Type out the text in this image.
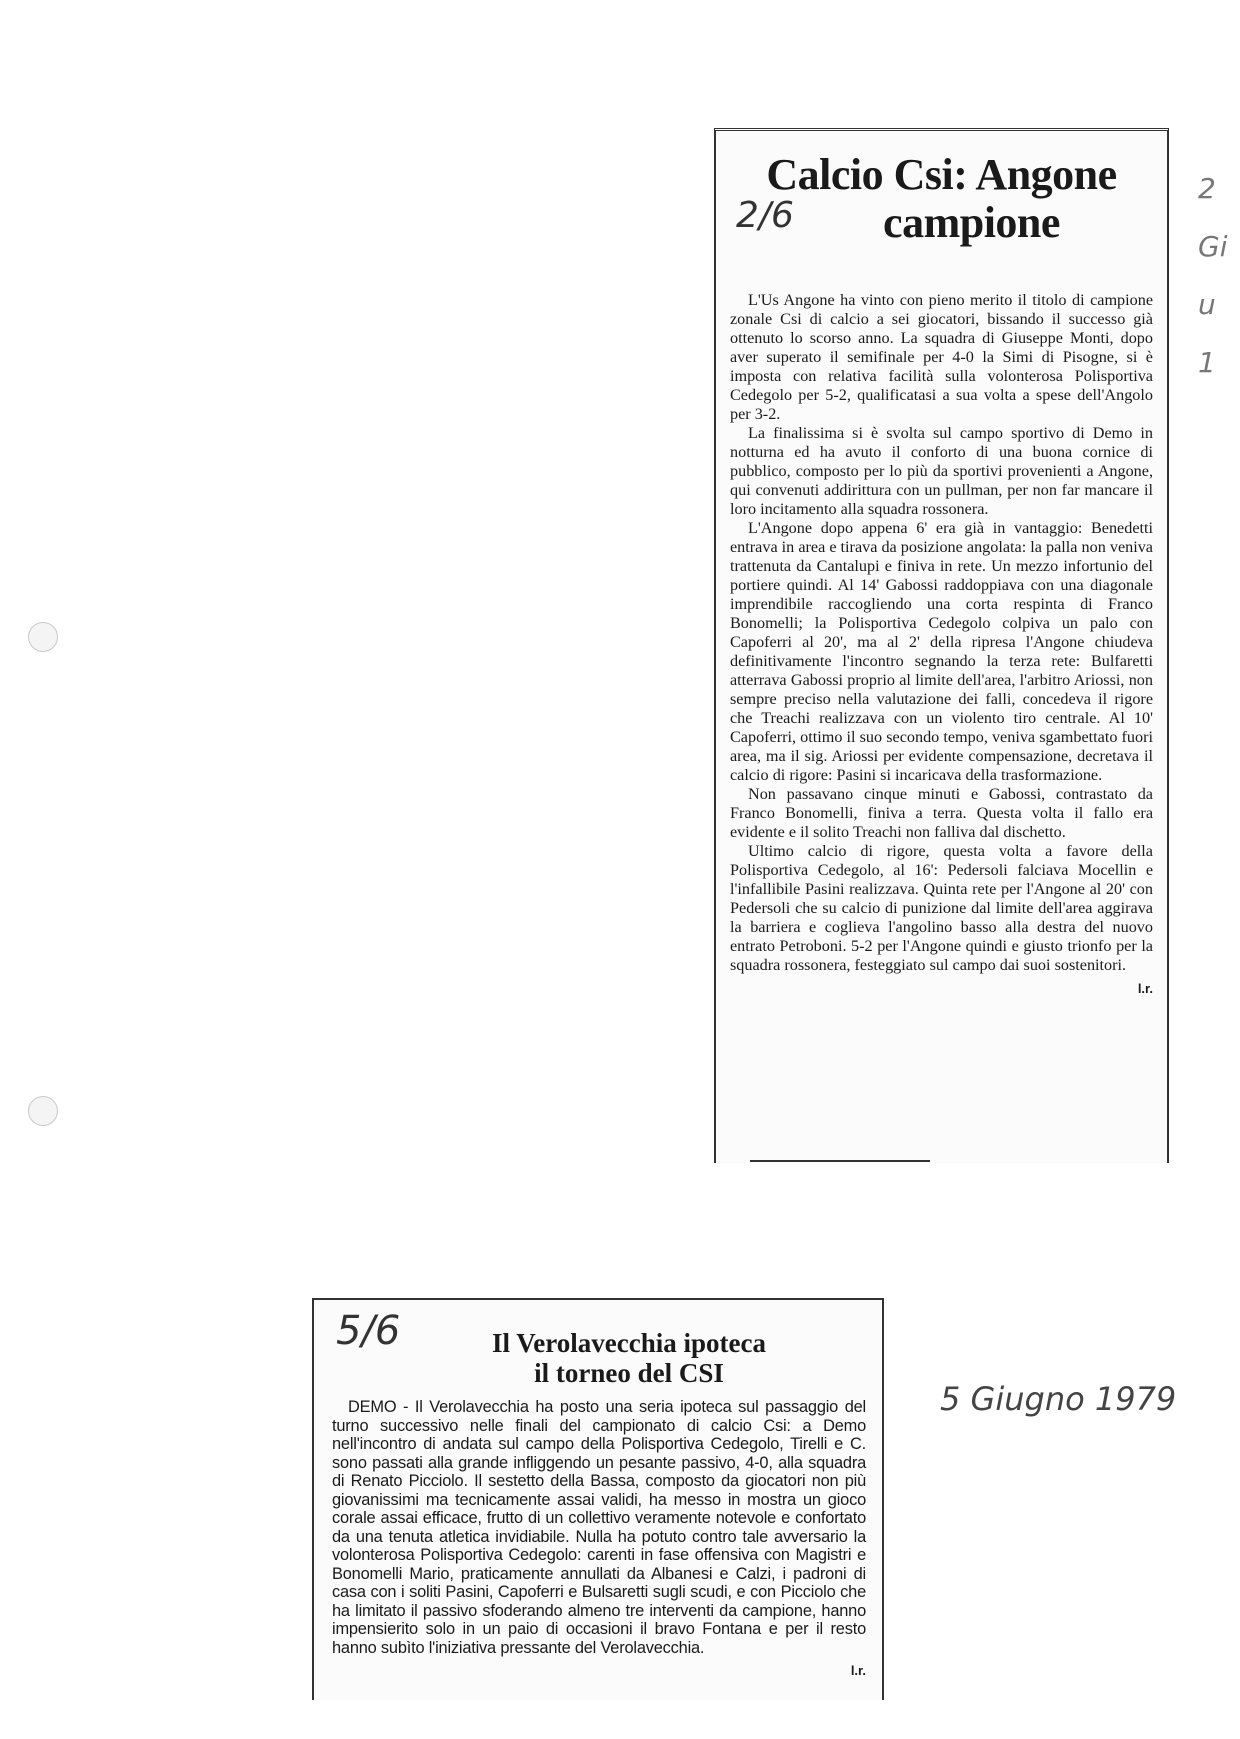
Calcio Csi: Angone
campione
2/6

L'Us Angone ha vinto con pieno merito il titolo di campione zonale Csi di calcio a sei giocatori, bissando il successo già ottenuto lo scorso anno. La squadra di Giuseppe Monti, dopo aver superato il semifinale per 4-0 la Simi di Pisogne, si è imposta con relativa facilità sulla volonterosa Polisportiva Cedegolo per 5-2, qualificatasi a sua volta a spese dell'Angolo per 3-2.

La finalissima si è svolta sul campo sportivo di Demo in notturna ed ha avuto il conforto di una buona cornice di pubblico, composto per lo più da sportivi provenienti a Angone, qui convenuti addirittura con un pullman, per non far mancare il loro incitamento alla squadra rossonera.

L'Angone dopo appena 6' era già in vantaggio: Benedetti entrava in area e tirava da posizione angolata: la palla non veniva trattenuta da Cantalupi e finiva in rete. Un mezzo infortunio del portiere quindi. Al 14' Gabossi raddoppiava con una diagonale imprendibile raccogliendo una corta respinta di Franco Bonomelli; la Polisportiva Cedegolo colpiva un palo con Capoferri al 20', ma al 2' della ripresa l'Angone chiudeva definitivamente l'incontro segnando la terza rete: Bulfaretti atterrava Gabossi proprio al limite dell'area, l'arbitro Ariossi, non sempre preciso nella valutazione dei falli, concedeva il rigore che Treachi realizzava con un violento tiro centrale. Al 10' Capoferri, ottimo il suo secondo tempo, veniva sgambettato fuori area, ma il sig. Ariossi per evidente compensazione, decretava il calcio di rigore: Pasini si incaricava della trasformazione.

Non passavano cinque minuti e Gabossi, contrastato da Franco Bonomelli, finiva a terra. Questa volta il fallo era evidente e il solito Treachi non falliva dal dischetto.

Ultimo calcio di rigore, questa volta a favore della Polisportiva Cedegolo, al 16': Pedersoli falciava Mocellin e l'infallibile Pasini realizzava. Quinta rete per l'Angone al 20' con Pedersoli che su calcio di punizione dal limite dell'area aggirava la barriera e coglieva l'angolino basso alla destra del nuovo entrato Petroboni. 5-2 per l'Angone quindi e giusto trionfo per la squadra rossonera, festeggiato sul campo dai suoi sostenitori.

l.r.
2 Giu 1
5/6	Il Verolavecchia ipoteca
il torneo del CSI

DEMO - Il Verolavecchia ha posto una seria ipoteca sul passaggio del turno successivo nelle finali del campionato di calcio Csi: a Demo nell'incontro di andata sul campo della Polisportiva Cedegolo, Tirelli e C. sono passati alla grande infliggendo un pesante passivo, 4-0, alla squadra di Renato Picciolo. Il sestetto della Bassa, composto da giocatori non più giovanissimi ma tecnicamente assai validi, ha messo in mostra un gioco corale assai efficace, frutto di un collettivo veramente notevole e confortato da una tenuta atletica invidiabile. Nulla ha potuto contro tale avversario la volonterosa Polisportiva Cedegolo: carenti in fase offensiva con Magistri e Bonomelli Mario, praticamente annullati da Albanesi e Calzi, i padroni di casa con i soliti Pasini, Capoferri e Bulsaretti sugli scudi, e con Picciolo che ha limitato il passivo sfoderando almeno tre interventi da campione, hanno impensierito solo in un paio di occasioni il bravo Fontana e per il resto hanno subìto l'iniziativa pressante del Verolavecchia.

l.r.
5 Giugno 1979
